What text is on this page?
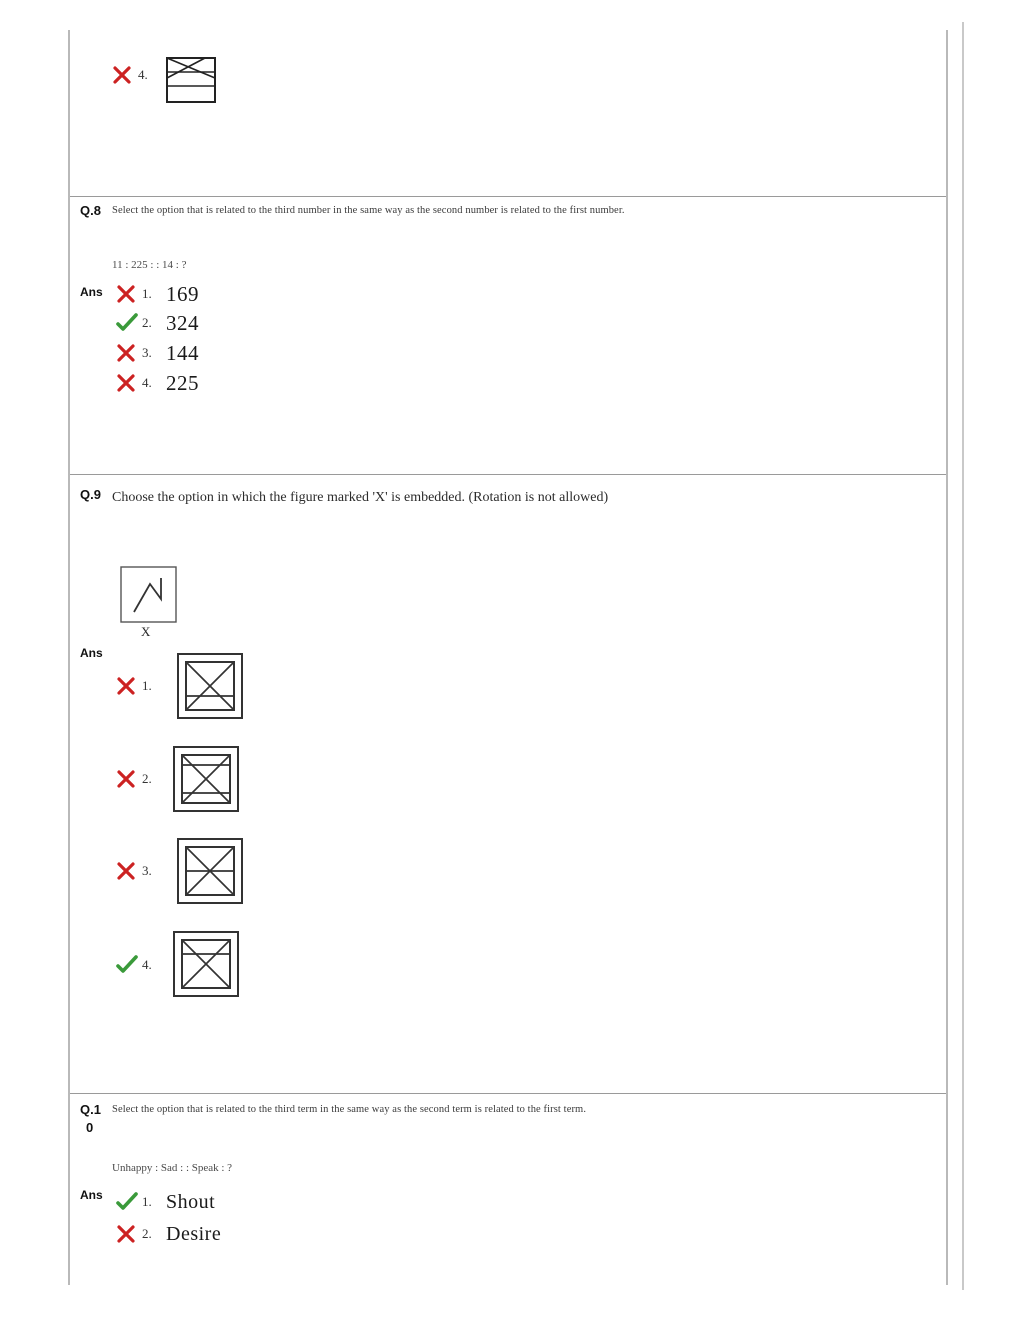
4.
Q.8 Select the option that is related to the third number in the same way as the second number is related to the first number.
11 : 225 : : 14 : ?
Ans	1. 169
2. 324
3. 144
4. 225
Q.9 Choose the option in which the figure marked 'X' is embedded. (Rotation is not allowed)
X
Ans
1.
2.
3.
4.
Q.1
0
Select the option that is related to the third term in the same way as the second term is related to the first term.
Unhappy : Sad : : Speak : ?
Ans	1. Shout
2. Desire
